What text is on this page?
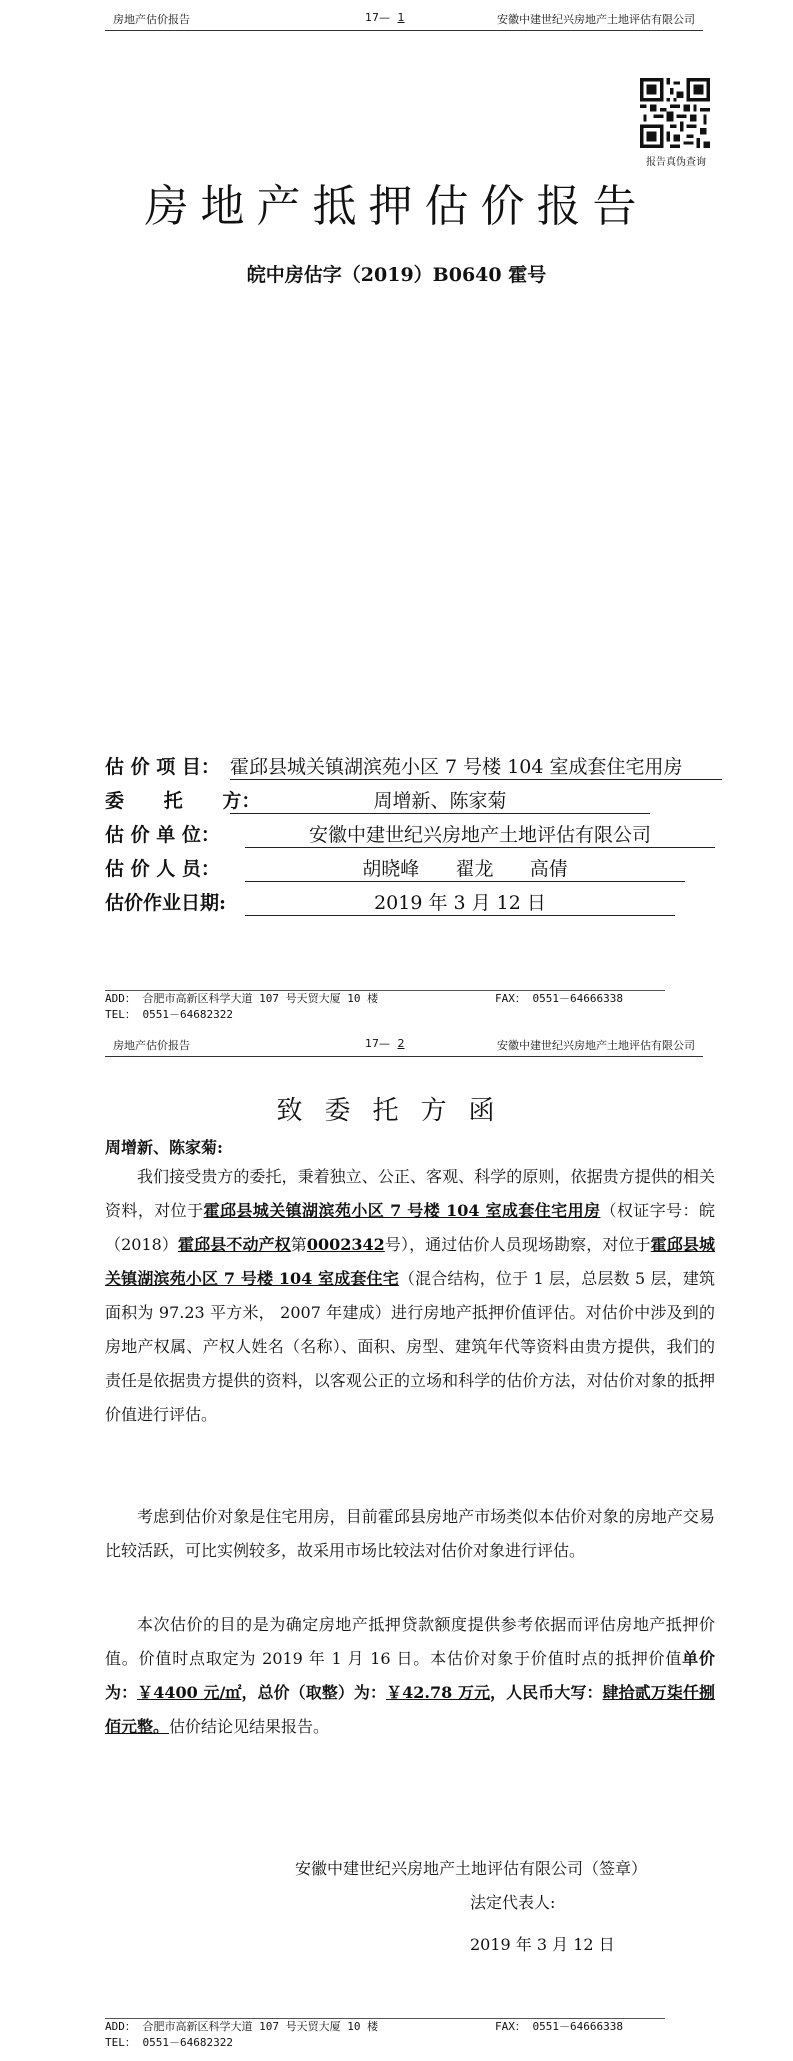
房地产估价报告	17— 1	安徽中建世纪兴房地产土地评估有限公司
报告真伪查询
房地产抵押估价报告
皖中房估字（2019）B0640 霍号
估 价 项 目： 霍邱县城关镇湖滨苑小区 7 号楼 104 室成套住宅用房
委      托      方：	周增新、陈家菊
估 价 单 位：	安徽中建世纪兴房地产土地评估有限公司
估 价 人 员：	胡晓峰      翟龙      高倩
估价作业日期:	2019 年 3 月 12 日
ADD： 合肥市高新区科学大道 107 号天贸大厦 10 楼	FAX： 0551－64666338
TEL： 0551－64682322
房地产估价报告	17— 2	安徽中建世纪兴房地产土地评估有限公司
致委托方函
周增新、陈家菊:
我们接受贵方的委托，秉着独立、公正、客观、科学的原则，依据贵方提供的相关资料，对位于霍邱县城关镇湖滨苑小区 7 号楼 104 室成套住宅用房（权证字号：皖（2018）霍邱县不动产权第0002342号），通过估价人员现场勘察，对位于霍邱县城关镇湖滨苑小区 7 号楼 104 室成套住宅（混合结构，位于 1 层，总层数 5 层，建筑面积为 97.23 平方米， 2007 年建成）进行房地产抵押价值评估。对估价中涉及到的房地产权属、产权人姓名（名称）、面积、房型、建筑年代等资料由贵方提供，我们的责任是依据贵方提供的资料，以客观公正的立场和科学的估价方法，对估价对象的抵押价值进行评估。
考虑到估价对象是住宅用房，目前霍邱县房地产市场类似本估价对象的房地产交易比较活跃，可比实例较多，故采用市场比较法对估价对象进行评估。
本次估价的目的是为确定房地产抵押贷款额度提供参考依据而评估房地产抵押价值。价值时点取定为 2019 年 1 月 16 日。本估价对象于价值时点的抵押价值单价为：￥4400 元/㎡，总价（取整）为：￥42.78 万元，人民币大写：肆拾贰万柒仟捌佰元整。估价结论见结果报告。
安徽中建世纪兴房地产土地评估有限公司（签章）
法定代表人:
2019 年 3 月 12 日
ADD： 合肥市高新区科学大道 107 号天贸大厦 10 楼	FAX： 0551－64666338
TEL： 0551－64682322
